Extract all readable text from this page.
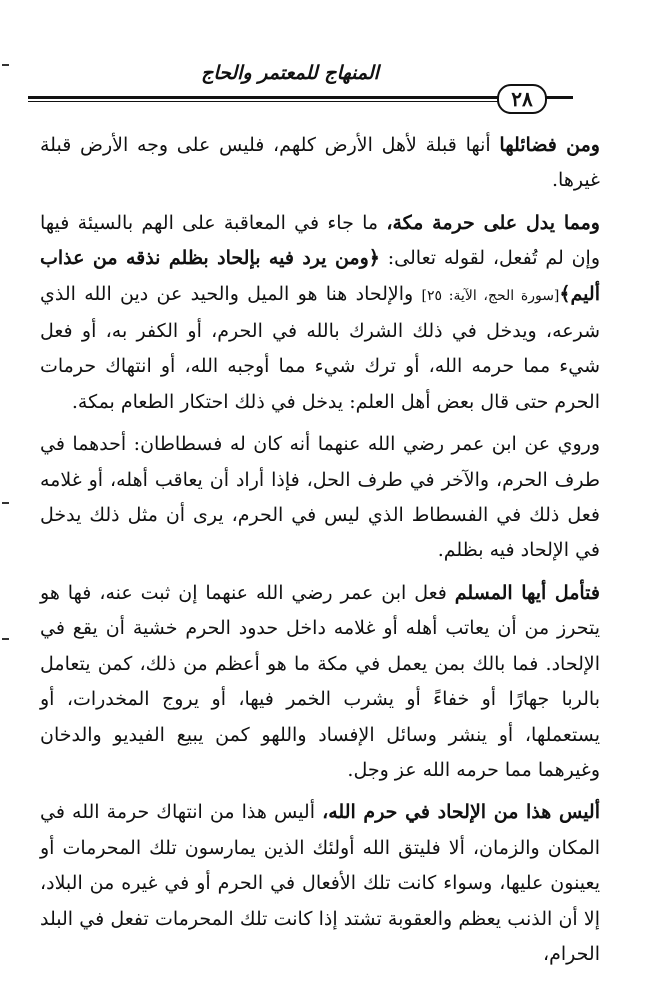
المنهاج للمعتمر والحاج
٢٨

ومن فضائلها أنها قبلة لأهل الأرض كلهم، فليس على وجه الأرض قبلة غيرها.

ومما يدل على حرمة مكة، ما جاء في المعاقبة على الهم بالسيئة فيها وإن لم تُفعل، لقوله تعالى: ﴿ومن يرد فيه بإلحاد بظلم نذقه من عذاب أليم﴾[سورة الحج، الآية: ٢٥] والإلحاد هنا هو الميل والحيد عن دين الله الذي شرعه، ويدخل في ذلك الشرك بالله في الحرم، أو الكفر به، أو فعل شيء مما حرمه الله، أو ترك شيء مما أوجبه الله، أو انتهاك حرمات الحرم حتى قال بعض أهل العلم: يدخل في ذلك احتكار الطعام بمكة.

وروي عن ابن عمر رضي الله عنهما أنه كان له فسطاطان: أحدهما في طرف الحرم، والآخر في طرف الحل، فإذا أراد أن يعاقب أهله، أو غلامه فعل ذلك في الفسطاط الذي ليس في الحرم، يرى أن مثل ذلك يدخل في الإلحاد فيه بظلم.

فتأمل أيها المسلم فعل ابن عمر رضي الله عنهما إن ثبت عنه، فها هو يتحرز من أن يعاتب أهله أو غلامه داخل حدود الحرم خشية أن يقع في الإلحاد. فما بالك بمن يعمل في مكة ما هو أعظم من ذلك، كمن يتعامل بالربا جهارًا أو خفاءً أو يشرب الخمر فيها، أو يروج المخدرات، أو يستعملها، أو ينشر وسائل الإفساد واللهو كمن يبيع الفيديو والدخان وغيرهما مما حرمه الله عز وجل.

أليس هذا من الإلحاد في حرم الله، أليس هذا من انتهاك حرمة الله في المكان والزمان، ألا فليتق الله أولئك الذين يمارسون تلك المحرمات أو يعينون عليها، وسواء كانت تلك الأفعال في الحرم أو في غيره من البلاد، إلا أن الذنب يعظم والعقوبة تشتد إذا كانت تلك المحرمات تفعل في البلد الحرام،
